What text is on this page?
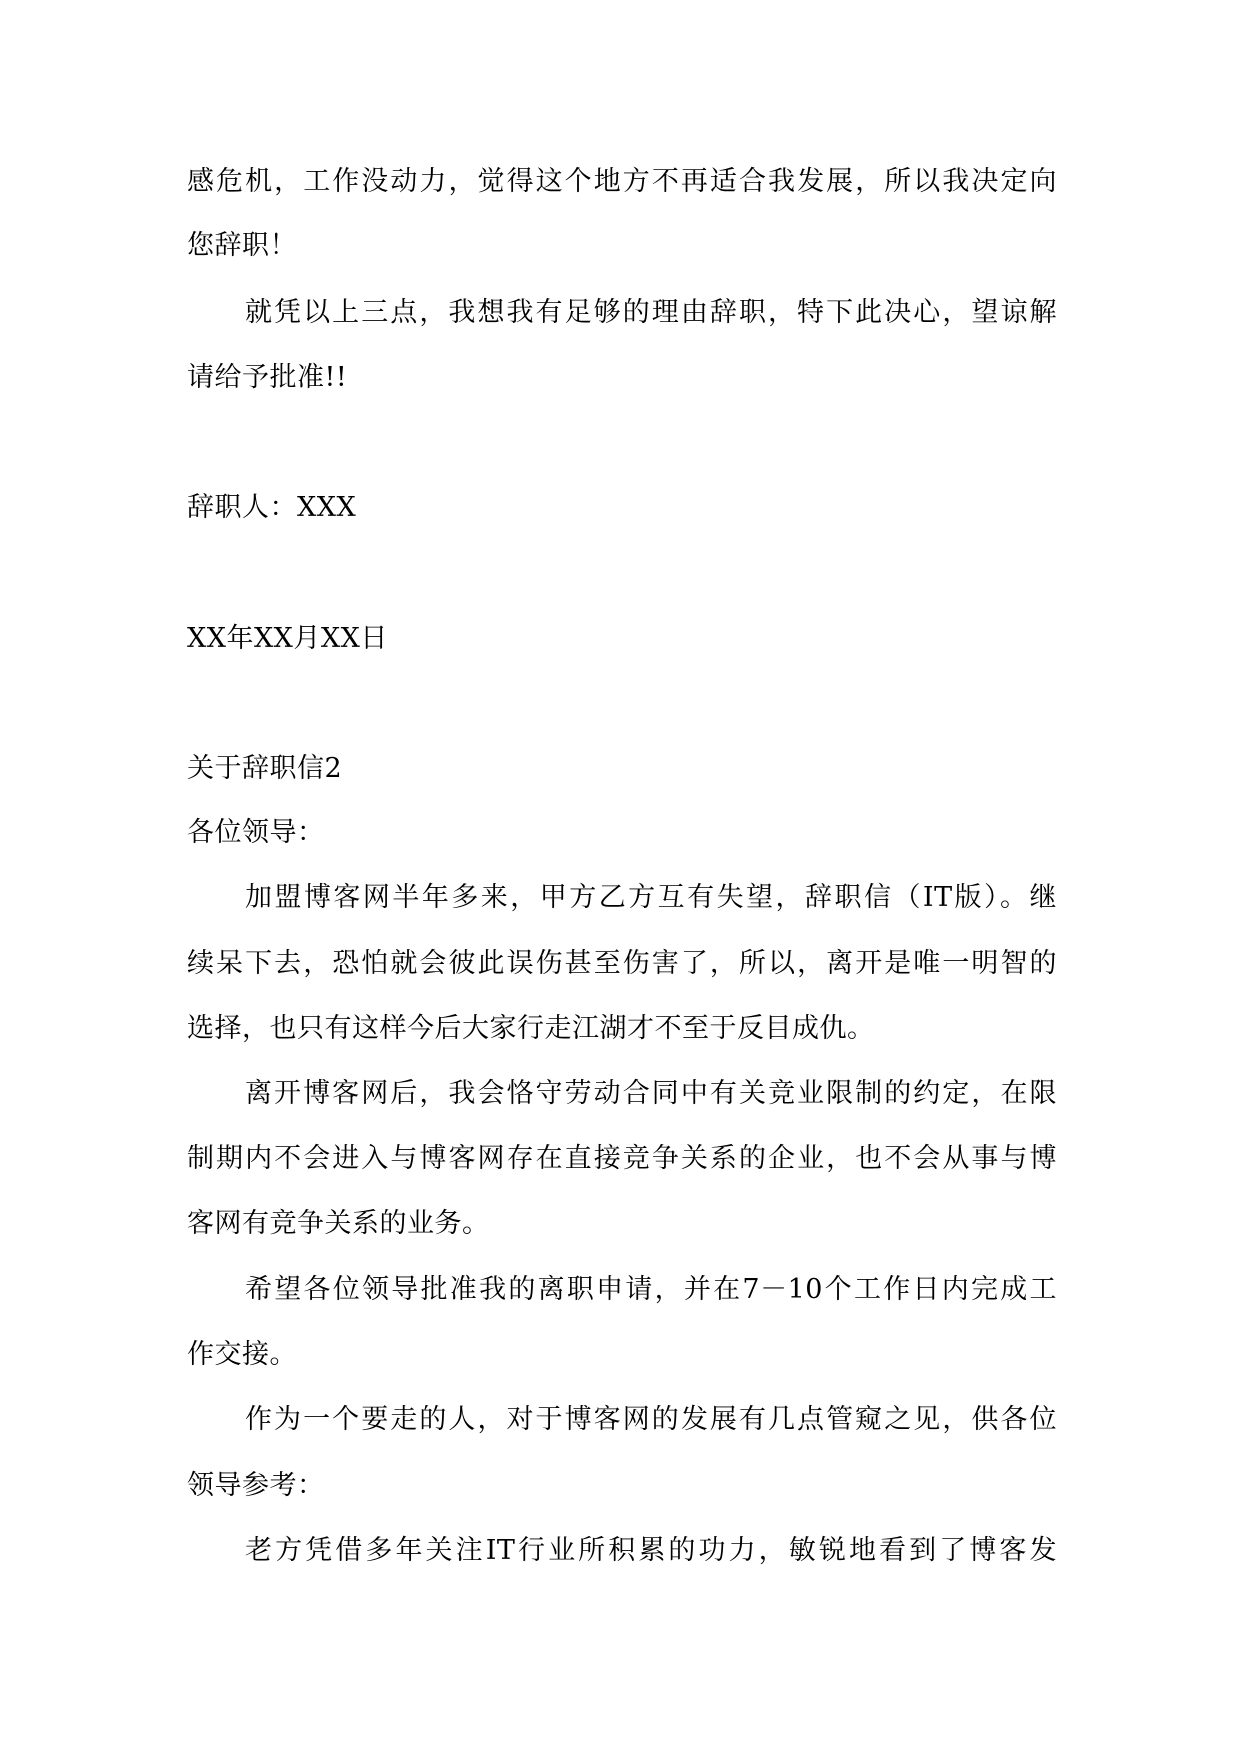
感危机，工作没动力，觉得这个地方不再适合我发展，所以我决定向
您辞职！
就凭以上三点，我想我有足够的理由辞职，特下此决心，望谅解
请给予批准!!
辞职人：XXX
XX年XX月XX日
关于辞职信2
各位领导：
加盟博客网半年多来，甲方乙方互有失望，辞职信（IT版）。继
续呆下去，恐怕就会彼此误伤甚至伤害了，所以，离开是唯一明智的
选择，也只有这样今后大家行走江湖才不至于反目成仇。
离开博客网后，我会恪守劳动合同中有关竞业限制的约定，在限
制期内不会进入与博客网存在直接竞争关系的企业，也不会从事与博
客网有竞争关系的业务。
希望各位领导批准我的离职申请，并在7－10个工作日内完成工
作交接。
作为一个要走的人，对于博客网的发展有几点管窥之见，供各位
领导参考：
老方凭借多年关注IT行业所积累的功力，敏锐地看到了博客发
